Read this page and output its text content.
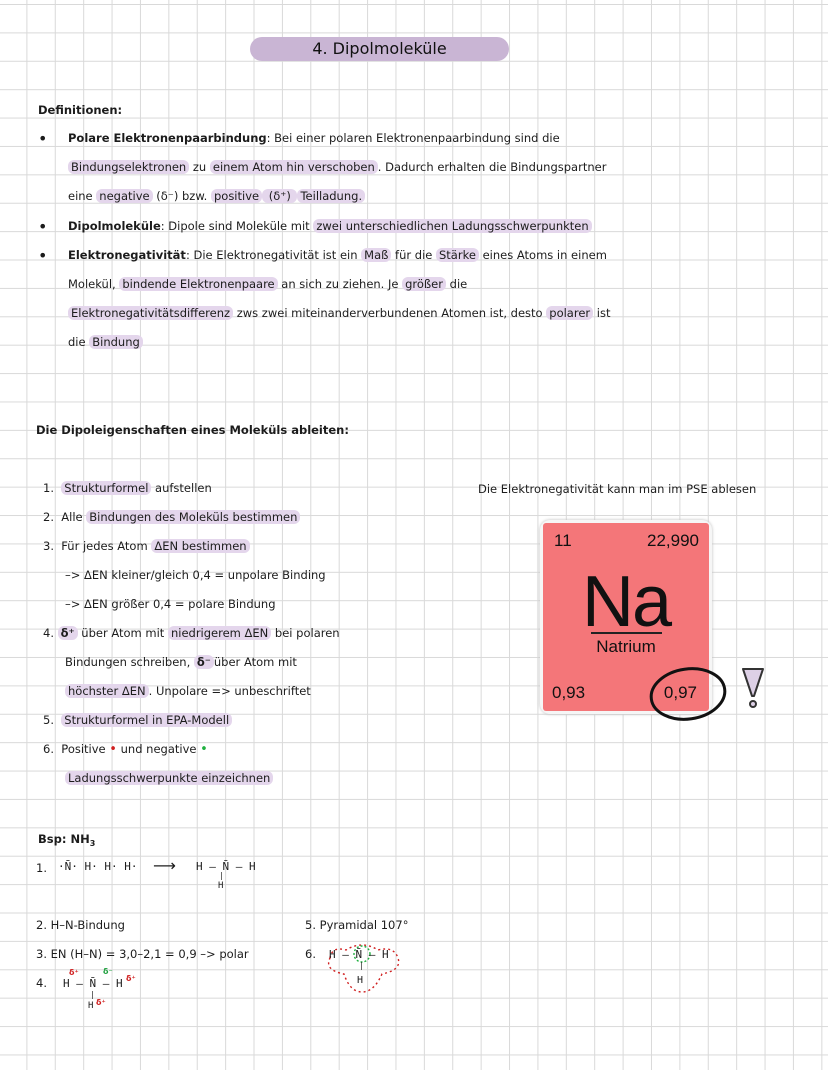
4. Dipolmoleküle
Definitionen:
• Polare Elektronenpaarbindung: Bei einer polaren Elektronenpaarbindung sind die
Bindungselektronen zu einem Atom hin verschoben . Dadurch erhalten die Bindungspartner
eine negative (δ⁻) bzw. positive (δ⁺) Teilladung.
• Dipolmoleküle: Dipole sind Moleküle mit zwei unterschiedlichen Ladungsschwerpunkten
• Elektronegativität: Die Elektronegativität ist ein Maß für die Stärke eines Atoms in einem
Molekül, bindende Elektronenpaare an sich zu ziehen. Je größer die
Elektronegativitätsdifferenz zws zwei miteinanderverbundenen Atomen ist, desto polarer ist
die Bindung
Die Dipoleigenschaften eines Moleküls ableiten:
1. Strukturformel aufstellen
2. Alle Bindungen des Moleküls bestimmen
3. Für jedes Atom ΔEN bestimmen
–> ΔEN kleiner/gleich 0,4 = unpolare Binding
–> ΔEN größer 0,4 = polare Bindung
4. δ⁺ über Atom mit niedrigerem ΔEN bei polaren
Bindungen schreiben, δ⁻ über Atom mit
höchster ΔEN . Unpolare => unbeschriftet
5. Strukturformel in EPA-Modell
6. Positive • und negative •
Ladungsschwerpunkte einzeichnen
Die Elektronegativität kann man im PSE ablesen
11	22,990
Na
Natrium
0,93	0,97
Bsp: $NH_3$
1. ·N̄· H· H· H· ⟶ H – N̄ – H
|
H
2. H–N-Bindung
3. EN (H–N) = 3,0–2,1 = 0,9 –> polar
4. H – N̄ – H
δ⁺	δ⁻
δ⁺
|
H δ⁺
5. Pyramidal 107°
6. H – N̄ – H
|
H
